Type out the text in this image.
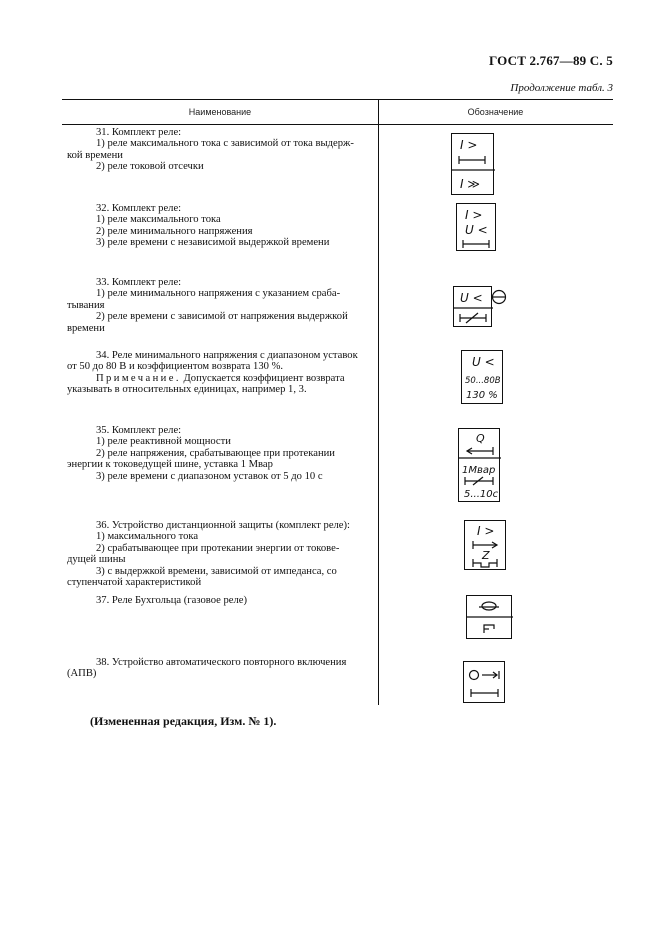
ГОСТ 2.767—89 С. 5
Продолжение табл. 3
Наименование	Обозначение

31. Комплект реле:

1) реле максимального тока с зависимой от тока выдерж-

кой времени

2) реле токовой отсечки

32. Комплект реле:

1) реле максимального тока

2) реле минимального напряжения

3) реле времени с независимой выдержкой времени

33. Комплект реле:

1) реле минимального напряжения с указанием сраба-

тывания

2) реле времени с зависимой от напряжения выдержкой

времени

34. Реле минимального напряжения с диапазоном уставок

от 50 до 80 В и коэффициентом возврата 130 %.

Примечание. Допускается коэффициент возврата

указывать в относительных единицах, например 1, 3.

35. Комплект реле:

1) реле реактивной мощности

2) реле напряжения, срабатывающее при протекании

энергии к токоведущей шине, уставка 1 Мвар

3) реле времени с диапазоном уставок от 5 до 10 с

36. Устройство дистанционной защиты (комплект реле):

1) максимального тока

2) срабатывающее при протекании энергии от токове-

дущей шины

3) с выдержкой времени, зависимой от импеданса, со

ступенчатой характеристикой

37. Реле Бухгольца (газовое реле)

38. Устройство автоматического повторного включения

(АПВ)

I >
I ≫
I >
U <
U <
U <
50...80В
130 %
Q
1Мвар
5...10с
I >
Z
(Измененная редакция, Изм. № 1).
